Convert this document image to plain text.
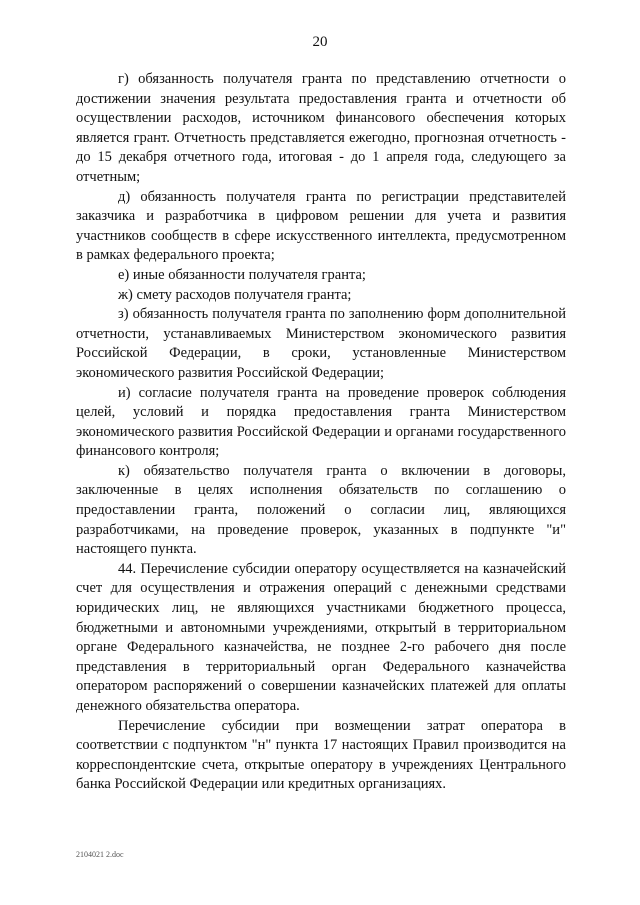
20

г) обязанность получателя гранта по представлению отчетности о достижении значения результата предоставления гранта и отчетности об осуществлении расходов, источником финансового обеспечения которых является грант. Отчетность представляется ежегодно, прогнозная отчетность - до 15 декабря отчетного года, итоговая - до 1 апреля года, следующего за отчетным;

д) обязанность получателя гранта по регистрации представителей заказчика и разработчика в цифровом решении для учета и развития участников сообществ в сфере искусственного интеллекта, предусмотренном в рамках федерального проекта;

е) иные обязанности получателя гранта;

ж) смету расходов получателя гранта;

з) обязанность получателя гранта по заполнению форм дополнительной отчетности, устанавливаемых Министерством экономического развития Российской Федерации, в сроки, установленные Министерством экономического развития Российской Федерации;

и) согласие получателя гранта на проведение проверок соблюдения целей, условий и порядка предоставления гранта Министерством экономического развития Российской Федерации и органами государственного финансового контроля;

к) обязательство получателя гранта о включении в договоры, заключенные в целях исполнения обязательств по соглашению о предоставлении гранта, положений о согласии лиц, являющихся разработчиками, на проведение проверок, указанных в подпункте "и" настоящего пункта.

44. Перечисление субсидии оператору осуществляется на казначейский счет для осуществления и отражения операций с денежными средствами юридических лиц, не являющихся участниками бюджетного процесса, бюджетными и автономными учреждениями, открытый в территориальном органе Федерального казначейства, не позднее 2-го рабочего дня после представления в территориальный орган Федерального казначейства оператором распоряжений о совершении казначейских платежей для оплаты денежного обязательства оператора.

Перечисление субсидии при возмещении затрат оператора в соответствии с подпунктом "н" пункта 17 настоящих Правил производится на корреспондентские счета, открытые оператору в учреждениях Центрального банка Российской Федерации или кредитных организациях.

2104021 2.doc
